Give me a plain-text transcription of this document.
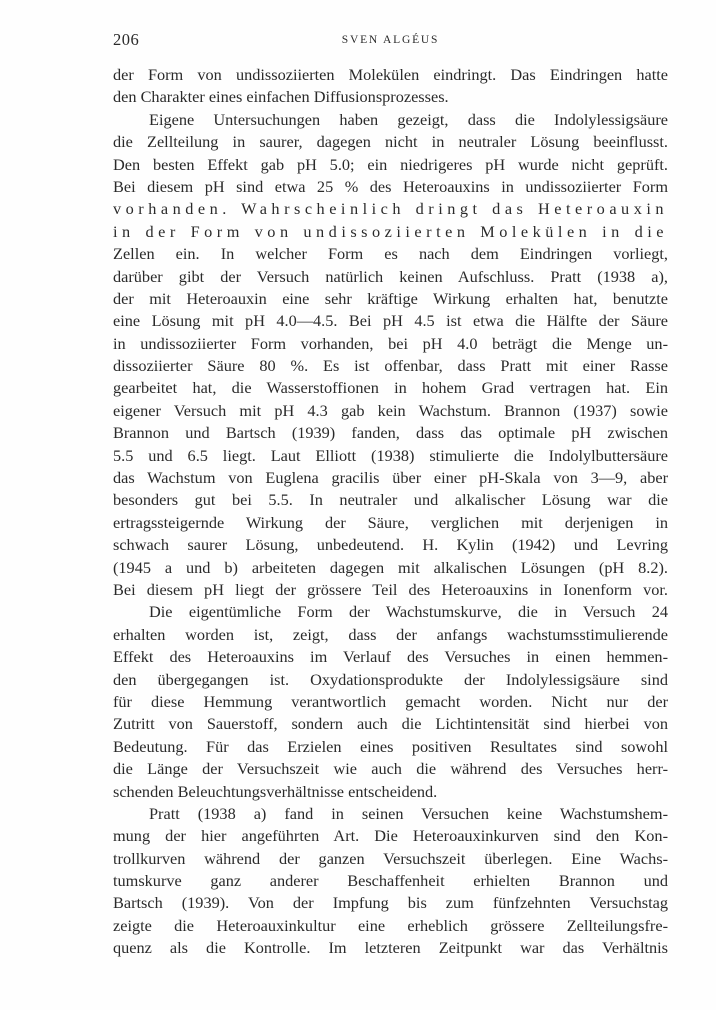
206	SVEN ALGÉUS
der Form von undissoziierten Molekülen eindringt. Das Eindringen hatte
den Charakter eines einfachen Diffusionsprozesses.
Eigene Untersuchungen haben gezeigt, dass die Indolylessigsäure
die Zellteilung in saurer, dagegen nicht in neutraler Lösung beeinflusst.
Den besten Effekt gab pH 5.0; ein niedrigeres pH wurde nicht geprüft.
Bei diesem pH sind etwa 25 % des Heteroauxins in undissoziierter Form
vorhanden. Wahrscheinlich dringt das Heteroauxin
in der Form von undissoziierten Molekülen in die
Zellen ein. In welcher Form es nach dem Eindringen vorliegt,
darüber gibt der Versuch natürlich keinen Aufschluss. Pratt (1938 a),
der mit Heteroauxin eine sehr kräftige Wirkung erhalten hat, benutzte
eine Lösung mit pH 4.0—4.5. Bei pH 4.5 ist etwa die Hälfte der Säure
in undissoziierter Form vorhanden, bei pH 4.0 beträgt die Menge un-
dissoziierter Säure 80 %. Es ist offenbar, dass Pratt mit einer Rasse
gearbeitet hat, die Wasserstoffionen in hohem Grad vertragen hat. Ein
eigener Versuch mit pH 4.3 gab kein Wachstum. Brannon (1937) sowie
Brannon und Bartsch (1939) fanden, dass das optimale pH zwischen
5.5 und 6.5 liegt. Laut Elliott (1938) stimulierte die Indolylbuttersäure
das Wachstum von Euglena gracilis über einer pH-Skala von 3—9, aber
besonders gut bei 5.5. In neutraler und alkalischer Lösung war die
ertragssteigernde Wirkung der Säure, verglichen mit derjenigen in
schwach saurer Lösung, unbedeutend. H. Kylin (1942) und Levring
(1945 a und b) arbeiteten dagegen mit alkalischen Lösungen (pH 8.2).
Bei diesem pH liegt der grössere Teil des Heteroauxins in Ionenform vor.
Die eigentümliche Form der Wachstumskurve, die in Versuch 24
erhalten worden ist, zeigt, dass der anfangs wachstumsstimulierende
Effekt des Heteroauxins im Verlauf des Versuches in einen hemmen-
den übergegangen ist. Oxydationsprodukte der Indolylessigsäure sind
für diese Hemmung verantwortlich gemacht worden. Nicht nur der
Zutritt von Sauerstoff, sondern auch die Lichtintensität sind hierbei von
Bedeutung. Für das Erzielen eines positiven Resultates sind sowohl
die Länge der Versuchszeit wie auch die während des Versuches herr-
schenden Beleuchtungsverhältnisse entscheidend.
Pratt (1938 a) fand in seinen Versuchen keine Wachstumshem-
mung der hier angeführten Art. Die Heteroauxinkurven sind den Kon-
trollkurven während der ganzen Versuchszeit überlegen. Eine Wachs-
tumskurve ganz anderer Beschaffenheit erhielten Brannon und
Bartsch (1939). Von der Impfung bis zum fünfzehnten Versuchstag
zeigte die Heteroauxinkultur eine erheblich grössere Zellteilungsfre-
quenz als die Kontrolle. Im letzteren Zeitpunkt war das Verhältnis
